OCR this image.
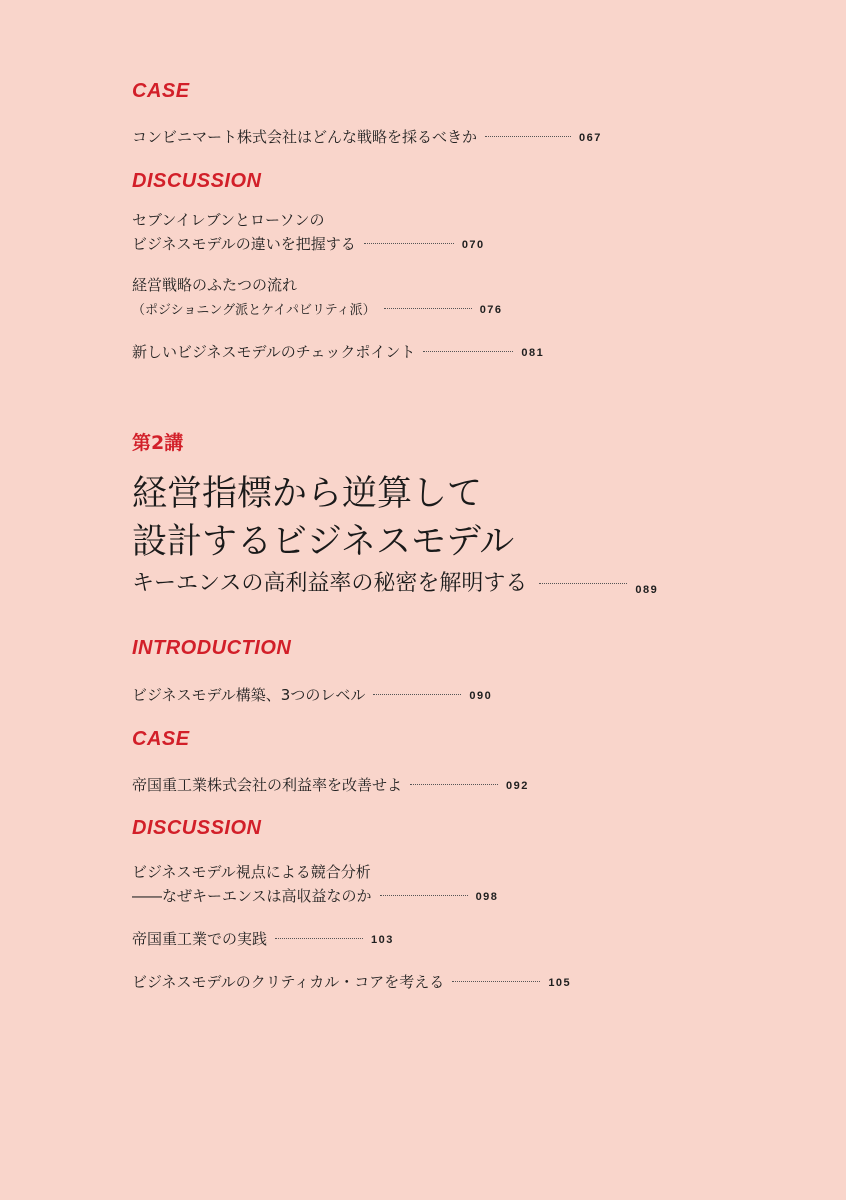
CASE
コンビニマート株式会社はどんな戦略を採るべきか	067
DISCUSSION
セブンイレブンとローソンの
ビジネスモデルの違いを把握する	070
経営戦略のふたつの流れ
（ポジショニング派とケイパビリティ派）	076
新しいビジネスモデルのチェックポイント	081
第2講
経営指標から逆算して
設計するビジネスモデル
キーエンスの高利益率の秘密を解明する	089
INTRODUCTION
ビジネスモデル構築、3つのレベル	090
CASE
帝国重工業株式会社の利益率を改善せよ	092
DISCUSSION
ビジネスモデル視点による競合分析
――なぜキーエンスは高収益なのか	098
帝国重工業での実践	103
ビジネスモデルのクリティカル・コアを考える	105
